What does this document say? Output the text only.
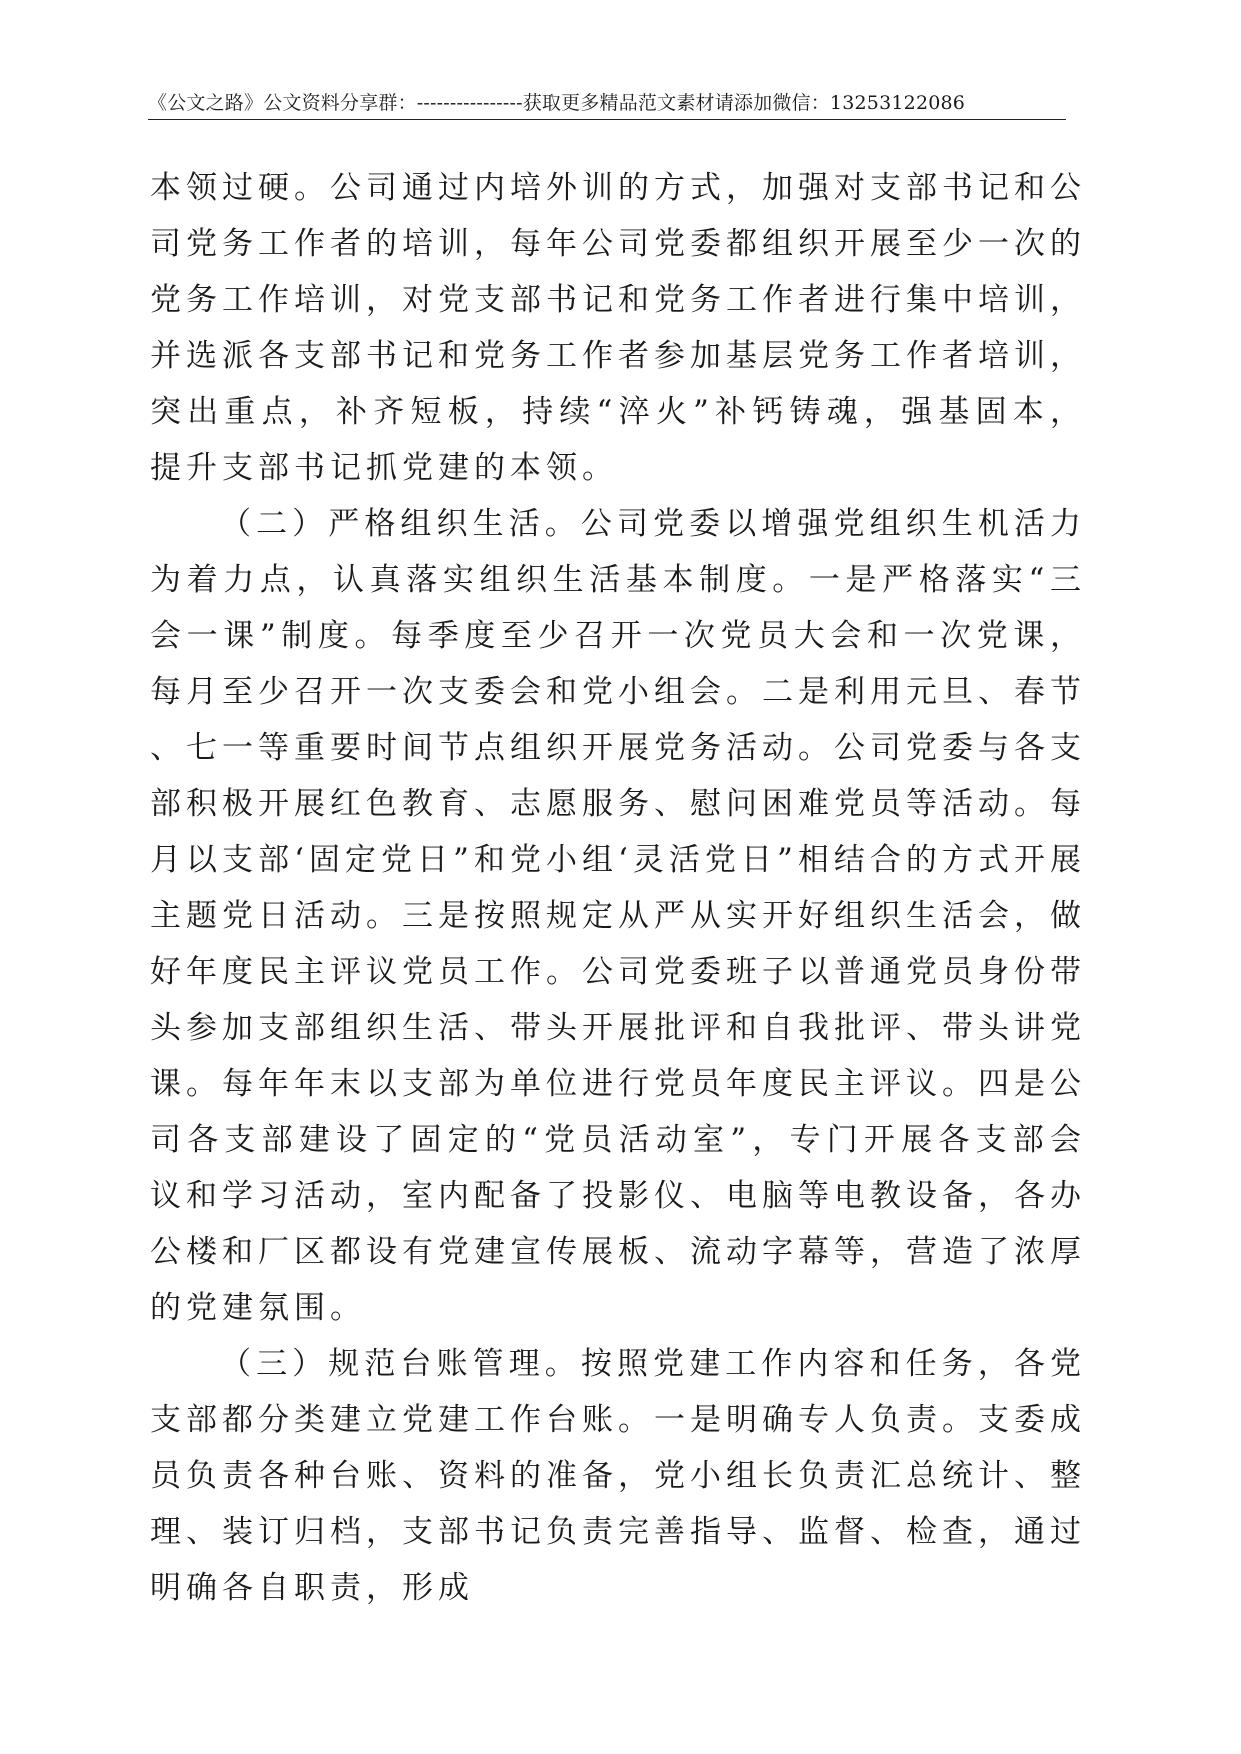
《公文之路》公文资料分享群：----------------获取更多精品范文素材请添加微信：13253122086

本领过硬。公司通过内培外训的方式，加强对支部书记和公司党务工作者的培训，每年公司党委都组织开展至少一次的党务工作培训，对党支部书记和党务工作者进行集中培训，并选派各支部书记和党务工作者参加基层党务工作者培训，突出重点，补齐短板，持续“淬火”补钙铸魂，强基固本，提升支部书记抓党建的本领。

（二）严格组织生活。公司党委以增强党组织生机活力为着力点，认真落实组织生活基本制度。一是严格落实“三会一课”制度。每季度至少召开一次党员大会和一次党课，每月至少召开一次支委会和党小组会。二是利用元旦、春节、七一等重要时间节点组织开展党务活动。公司党委与各支部积极开展红色教育、志愿服务、慰问困难党员等活动。每月以支部‘固定党日”和党小组‘灵活党日”相结合的方式开展主题党日活动。三是按照规定从严从实开好组织生活会，做好年度民主评议党员工作。公司党委班子以普通党员身份带头参加支部组织生活、带头开展批评和自我批评、带头讲党课。每年年末以支部为单位进行党员年度民主评议。四是公司各支部建设了固定的“党员活动室”，专门开展各支部会议和学习活动，室内配备了投影仪、电脑等电教设备，各办公楼和厂区都设有党建宣传展板、流动字幕等，营造了浓厚的党建氛围。

（三）规范台账管理。按照党建工作内容和任务，各党支部都分类建立党建工作台账。一是明确专人负责。支委成员负责各种台账、资料的准备，党小组长负责汇总统计、整理、装订归档，支部书记负责完善指导、监督、检查，通过明确各自职责，形成
